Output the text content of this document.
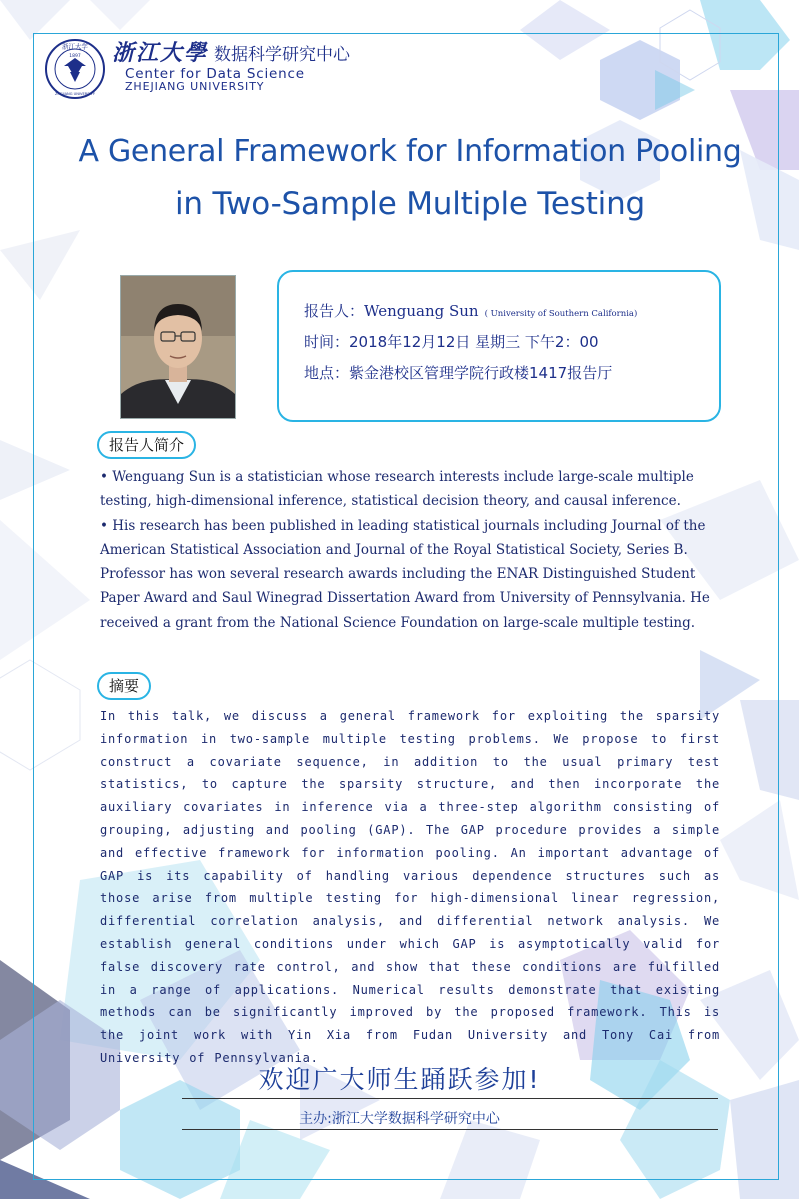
浙江大学
1897
ZHEJIANG UNIVERSITY
浙江大學 数据科学研究中心
Center for Data Science
ZHEJIANG UNIVERSITY
A General Framework for Information Pooling
in Two-Sample Multiple Testing
报告人：Wenguang Sun ( University of Southern California)
时间：2018年12月12日 星期三 下午2：00
地点：紫金港校区管理学院行政楼1417报告厅
报告人简介

• Wenguang Sun is a statistician whose research interests include large-scale multiple testing, high-dimensional inference, statistical decision theory, and causal inference.

• His research has been published in leading statistical journals including Journal of the American Statistical Association and Journal of the Royal Statistical Society, Series B. Professor has won several research awards including the ENAR Distinguished Student Paper Award and Saul Winegrad Dissertation Award from University of Pennsylvania. He received a grant from the National Science Foundation on large-scale multiple testing.

摘要
In this talk, we discuss a general framework for exploiting the sparsity information in two-sample multiple testing problems. We propose to first construct a covariate sequence, in addition to the usual primary test statistics, to capture the sparsity structure, and then incorporate the auxiliary covariates in inference via a three-step algorithm consisting of grouping, adjusting and pooling (GAP). The GAP procedure provides a simple and effective framework for information pooling. An important advantage of GAP is its capability of handling various dependence structures such as those arise from multiple testing for high-dimensional linear regression, differential correlation analysis, and differential network analysis. We establish general conditions under which GAP is asymptotically valid for false discovery rate control, and show that these conditions are fulfilled in a range of applications. Numerical results demonstrate that existing methods can be significantly improved by the proposed framework. This is the joint work with Yin Xia from Fudan University and Tony Cai from University of Pennsylvania.
欢迎广大师生踊跃参加!
主办:浙江大学数据科学研究中心
